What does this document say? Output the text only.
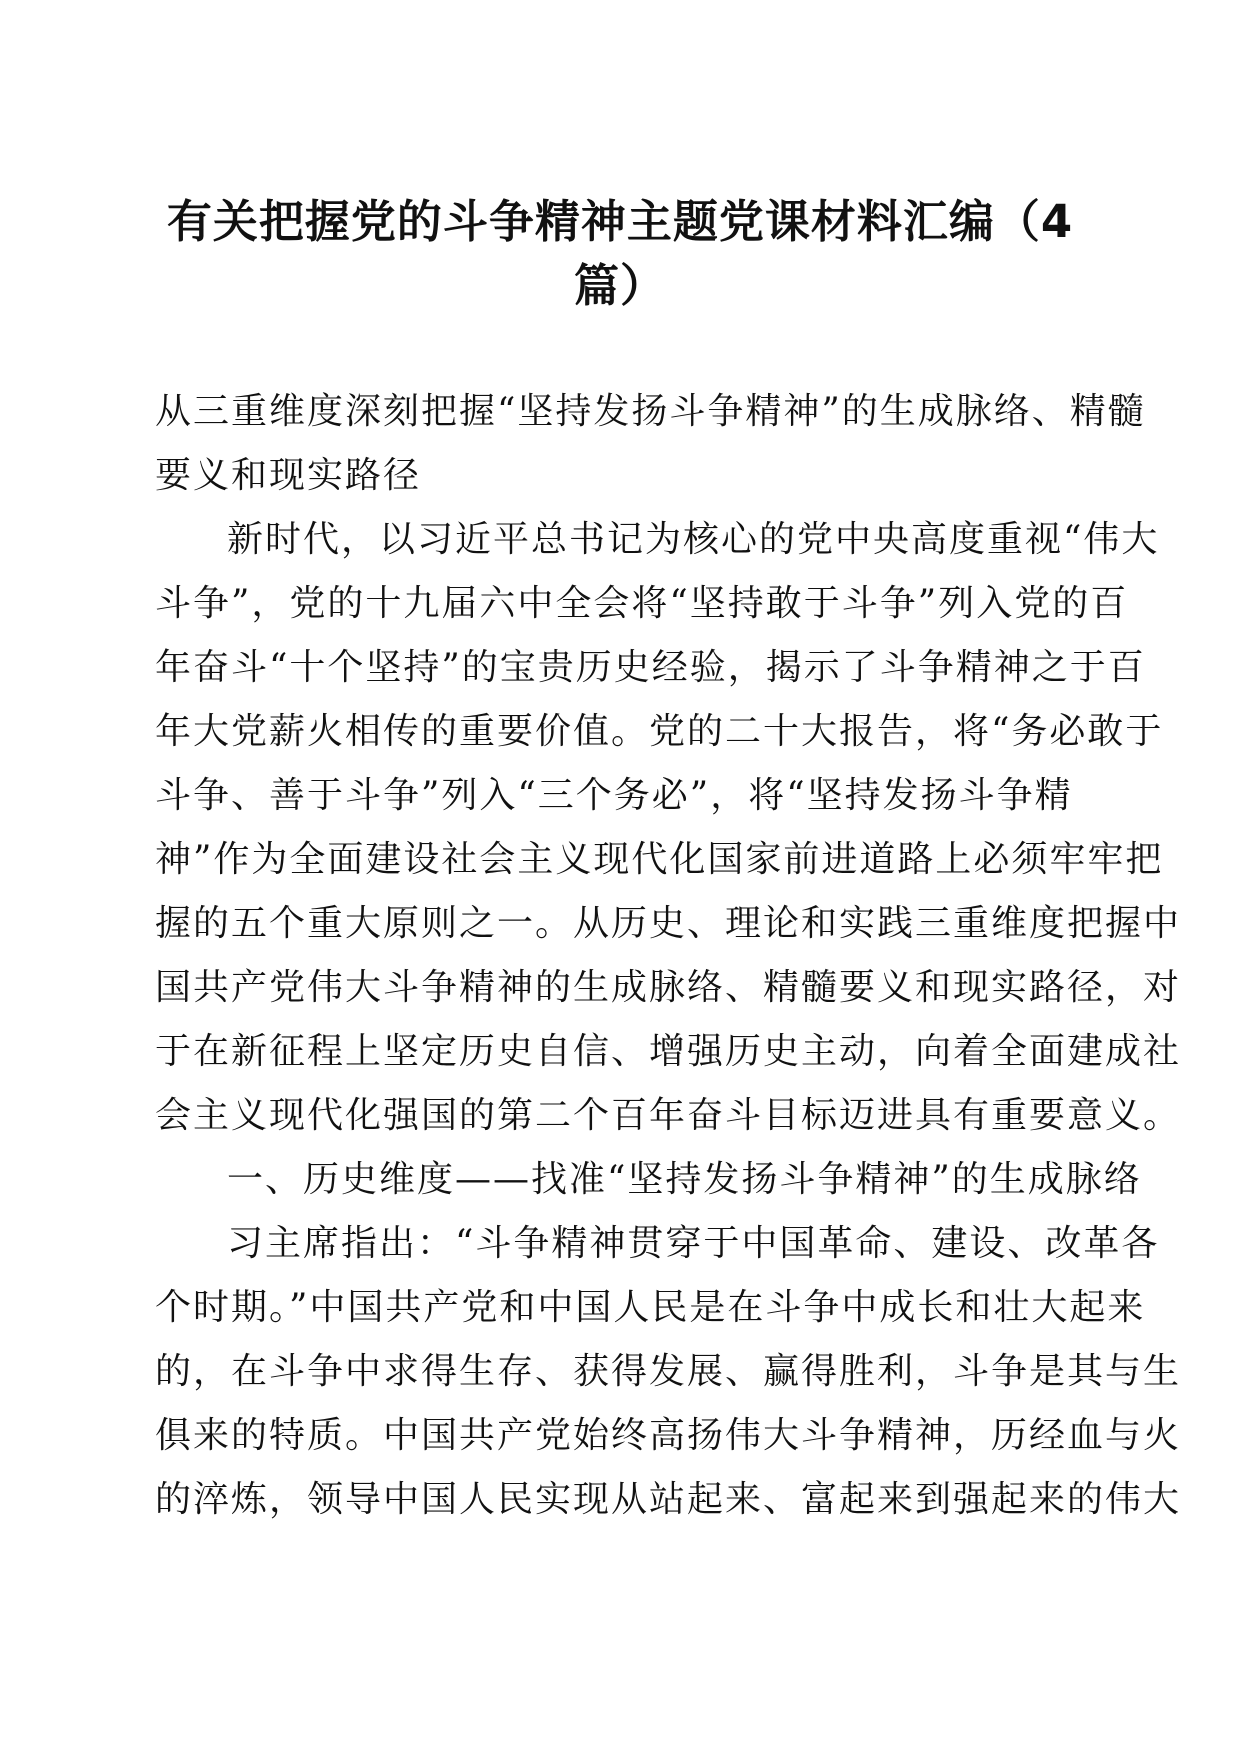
有关把握党的斗争精神主题党课材料汇编（4
篇）

从三重维度深刻把握“坚持发扬斗争精神”的生成脉络、精髓
要义和现实路径

新时代，以习近平总书记为核心的党中央高度重视“伟大
斗争”，党的十九届六中全会将“坚持敢于斗争”列入党的百
年奋斗“十个坚持”的宝贵历史经验，揭示了斗争精神之于百
年大党薪火相传的重要价值。党的二十大报告，将“务必敢于
斗争、善于斗争”列入“三个务必”，将“坚持发扬斗争精
神”作为全面建设社会主义现代化国家前进道路上必须牢牢把
握的五个重大原则之一。从历史、理论和实践三重维度把握中
国共产党伟大斗争精神的生成脉络、精髓要义和现实路径，对
于在新征程上坚定历史自信、增强历史主动，向着全面建成社
会主义现代化强国的第二个百年奋斗目标迈进具有重要意义。

一、历史维度——找准“坚持发扬斗争精神”的生成脉络

习主席指出：“斗争精神贯穿于中国革命、建设、改革各
个时期。”中国共产党和中国人民是在斗争中成长和壮大起来
的，在斗争中求得生存、获得发展、赢得胜利，斗争是其与生
俱来的特质。中国共产党始终高扬伟大斗争精神，历经血与火
的淬炼，领导中国人民实现从站起来、富起来到强起来的伟大
